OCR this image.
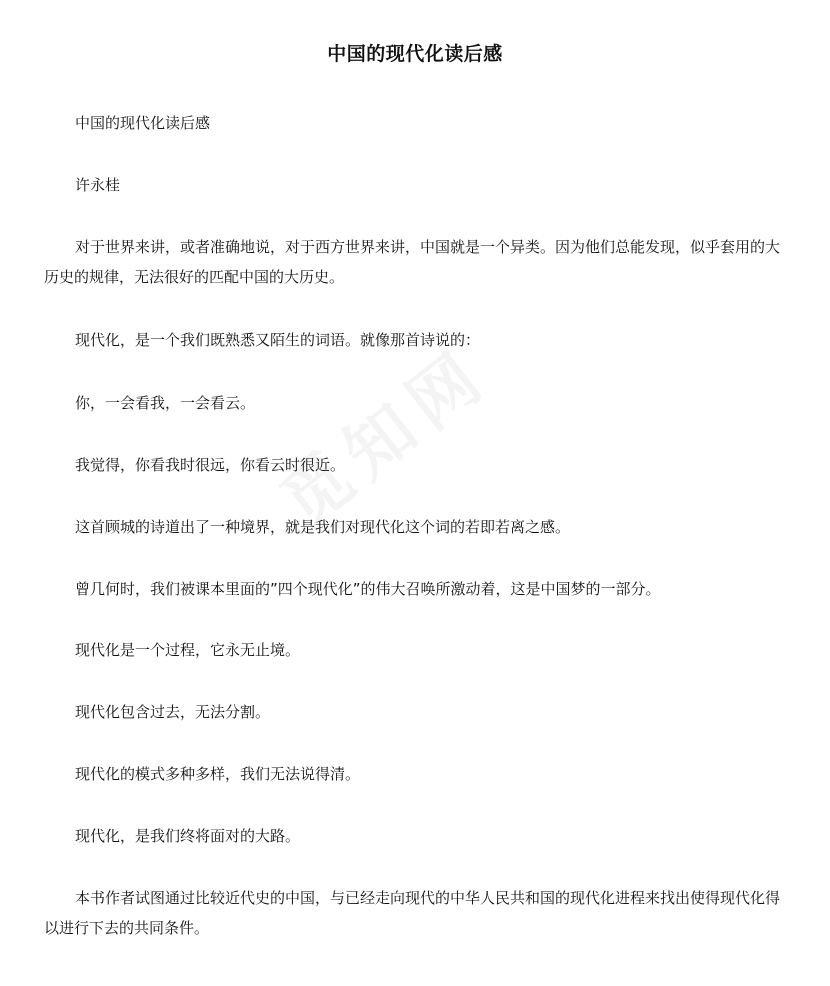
中国的现代化读后感
中国的现代化读后感
许永桂
对于世界来讲，或者准确地说，对于西方世界来讲，中国就是一个异类。因为他们总能发现，似乎套用的大历史的规律，无法很好的匹配中国的大历史。
现代化，是一个我们既熟悉又陌生的词语。就像那首诗说的：
你，一会看我，一会看云。
我觉得，你看我时很远，你看云时很近。
这首顾城的诗道出了一种境界，就是我们对现代化这个词的若即若离之感。
曾几何时，我们被课本里面的”四个现代化”的伟大召唤所激动着，这是中国梦的一部分。
现代化是一个过程，它永无止境。
现代化包含过去，无法分割。
现代化的模式多种多样，我们无法说得清。
现代化，是我们终将面对的大路。
本书作者试图通过比较近代史的中国，与已经走向现代的中华人民共和国的现代化进程来找出使得现代化得以进行下去的共同条件。
